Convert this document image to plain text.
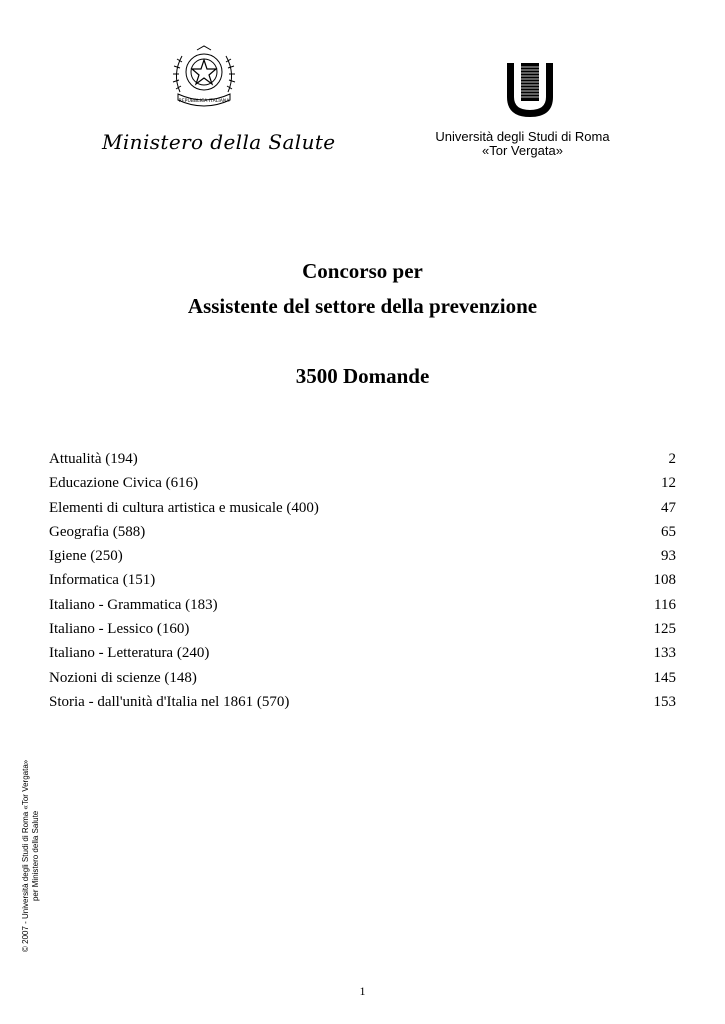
REPUBBLICA ITALIANA
Ministero della Salute	Università degli Studi di Roma
«Tor Vergata»
Concorso per
Assistente del settore della prevenzione
3500 Domande
Attualità (194)	2
Educazione Civica (616)	12
Elementi di cultura artistica e musicale (400)	47
Geografia (588)	65
Igiene (250)	93
Informatica (151)	108
Italiano - Grammatica (183)	116
Italiano - Lessico (160)	125
Italiano - Letteratura (240)	133
Nozioni di scienze (148)	145
Storia - dall'unità d'Italia nel 1861 (570)	153
© 2007 - Università degli Studi di Roma «Tor Vergata» per Ministero della Salute
1
